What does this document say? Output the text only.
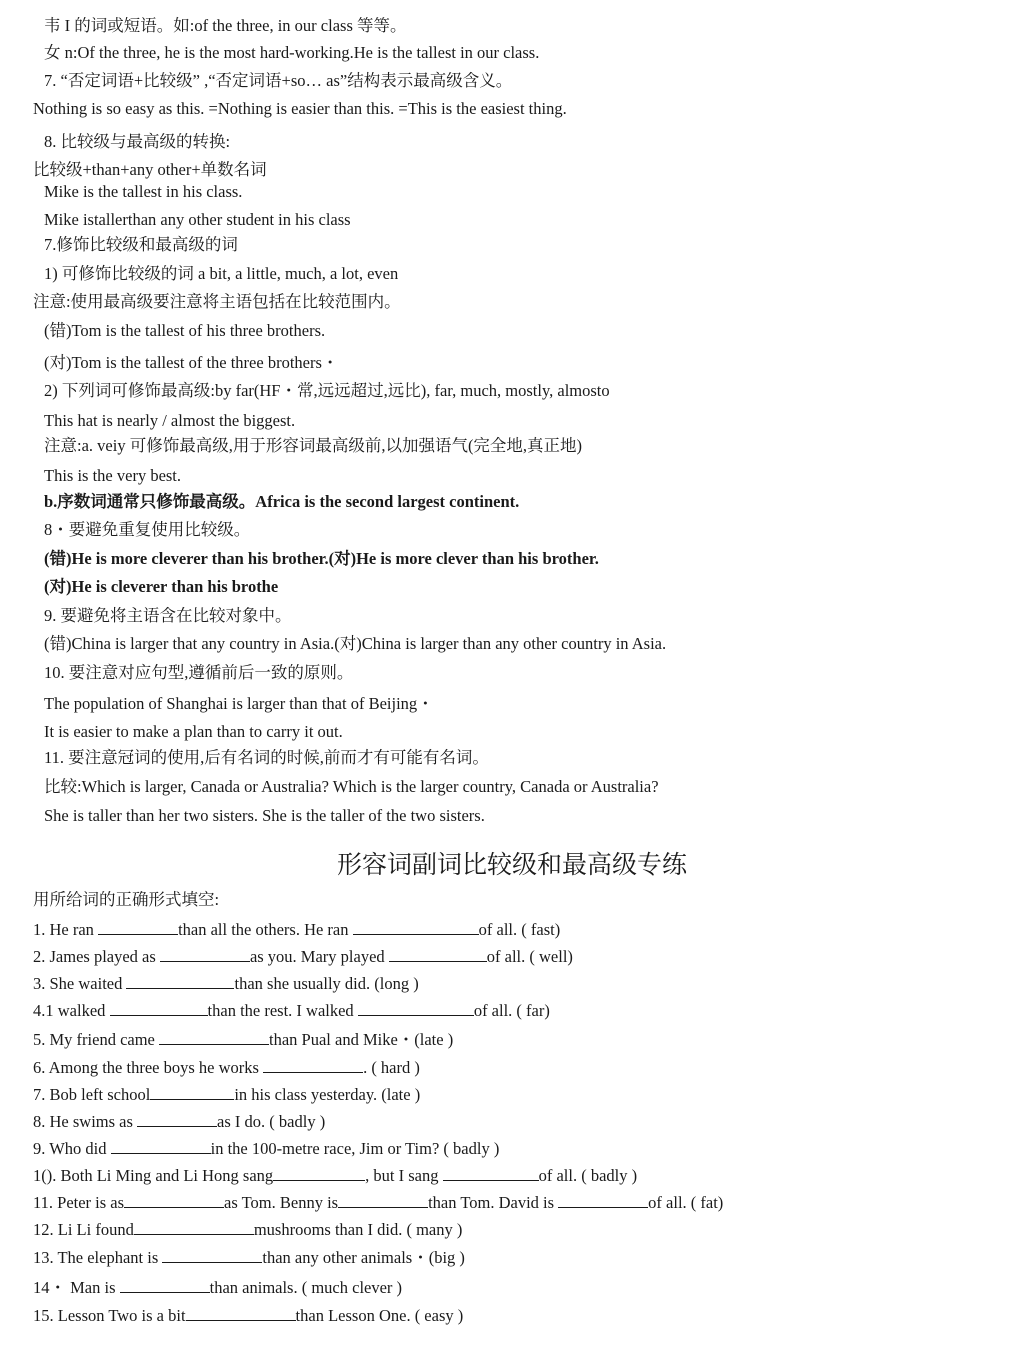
韦 I 的词或短语。如:of the three, in our class 等等。
女 n:Of the three, he is the most hard-working.He is the tallest in our class.
7. “否定词语+比较级” ,“否定词语+so… as”结构表示最高级含义。
Nothing is so easy as this. =Nothing is easier than this. =This is the easiest thing.
8. 比较级与最高级的转换:
比较级+than+any other+单数名词
Mike is the tallest in his class.
Mike istallerthan any other student in his class
7.修饰比较级和最高级的词
1) 可修饰比较级的词 a bit, a little, much, a lot, even
注意:使用最高级要注意将主语包括在比较范围内。
(错)Tom is the tallest of his three brothers.
(对)Tom is the tallest of the three brothers・
2) 下列词可修饰最高级:by far(HF・常,远远超过,远比), far, much, mostly, almosto
This hat is nearly / almost the biggest.
注意:a. veiy 可修饰最高级,用于形容词最高级前,以加强语气(完全地,真正地)
This is the very best.
b.序数词通常只修饰最高级。Africa is the second largest continent.
8・要避免重复使用比较级。
(错)He is more cleverer than his brother.(对)He is more clever than his brother.
(对)He is cleverer than his brothe
9. 要避免将主语含在比较对象中。
(错)China is larger that any country in Asia.(对)China is larger than any other country in Asia.
10. 要注意对应句型,遵循前后一致的原则。
The population of Shanghai is larger than that of Beijing・
It is easier to make a plan than to carry it out.
11. 要注意冠词的使用,后有名词的时候,前而才有可能有名词。
比较:Which is larger, Canada or Australia? Which is the larger country, Canada or Australia?
She is taller than her two sisters. She is the taller of the two sisters.
形容词副词比较级和最高级专练
用所给词的正确形式填空:
1. He ran	than all the others. He ran	of all. ( fast)
2. James played as	as you. Mary played	of all. ( well)
3. She waited	than she usually did. (long )
4.1 walked	than the rest. I walked	of all. ( far)
5. My friend came	than Pual and Mike・(late )
6. Among the three boys he works	. ( hard )
7. Bob left school	in his class yesterday. (late )
8. He swims as	as I do. ( badly )
9. Who did	in the 100-metre race, Jim or Tim? ( badly )
1(). Both Li Ming and Li Hong sang	, but I sang	of all. ( badly )
11. Peter is as	as Tom. Benny is	than Tom. David is	of all. ( fat)
12. Li Li found	mushrooms than I did. ( many )
13. The elephant is	than any other animals・(big )
14・ Man is	than animals. ( much clever )
15. Lesson Two is a bit	than Lesson One. ( easy )
